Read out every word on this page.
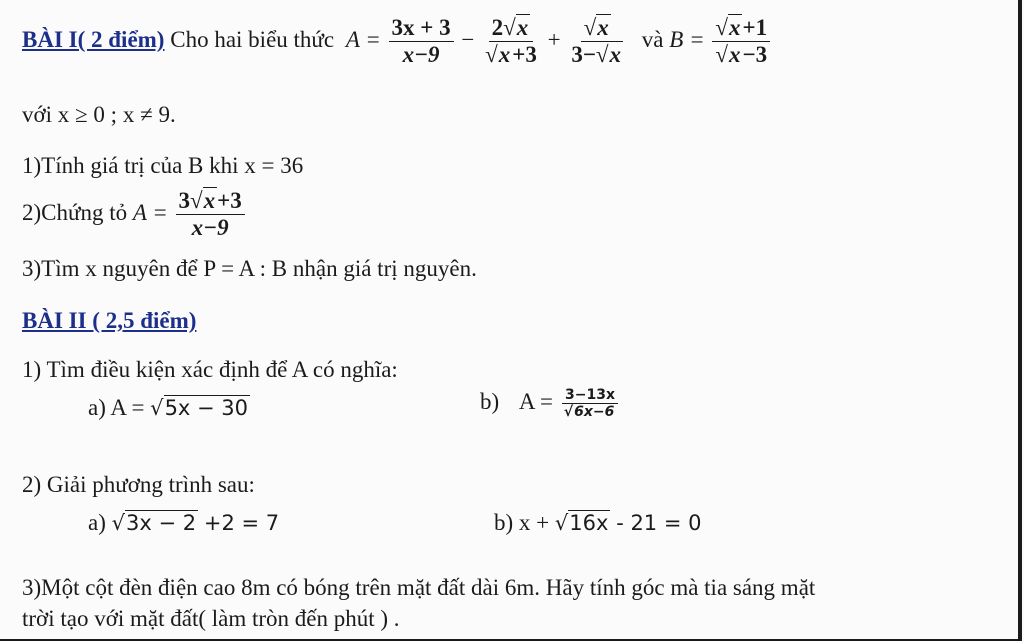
BÀI I( 2 điểm) Cho hai biểu thức $A = \frac{3x + 3}{x-9} - \frac{2√x}{√x+3} + \frac{√x}{3-√x}$ và $B = \frac{√x+1}{√x-3}$
với x ≥ 0 ; x ≠ 9.
1)Tính giá trị của B khi x = 36
2)Chứng tỏ $A = \frac{3√x+3}{x-9}$
3)Tìm x nguyên để P = A : B nhận giá trị nguyên.
BÀI II ( 2,5 điểm)
1) Tìm điều kiện xác định để A có nghĩa:
a) A = √5x − 30	b) $A = \frac{3-13x}{√6x-6}$
2) Giải phương trình sau:
a) √3x − 2 +2 = 7	b) x + √16x - 21 = 0
3)Một cột đèn điện cao 8m có bóng trên mặt đất dài 6m. Hãy tính góc mà tia sáng mặt
trời tạo với mặt đất( làm tròn đến phút ) .
